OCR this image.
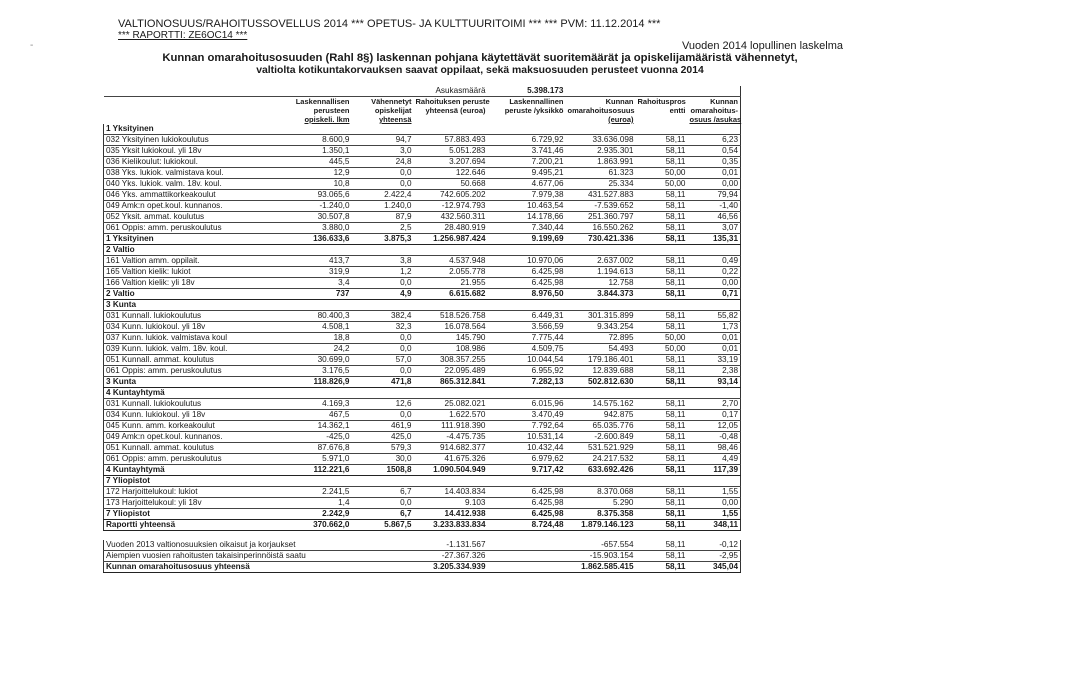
-
VALTIONOSUUS/RAHOITUSSOVELLUS 2014 *** OPETUS- JA KULTTUURITOIMI *** *** PVM: 11.12.2014 ***
*** RAPORTTI: ZE6OC14 ***
Vuoden 2014 lopullinen laskelma
Kunnan omarahoitusosuuden (Rahl 8§) laskennan pohjana käytettävät suoritemäärät ja opiskelijamääristä vähennetyt,
valtiolta kotikuntakorvauksen saavat oppilaat, sekä maksuosuuden perusteet vuonna 2014
			Asukasmäärä	5.398.173			
	Laskennallisen	Vähennetyt	Rahoituksen peruste	Laskennallinen	Kunnan	Rahoituspros	Kunnan
	perusteen	opiskelijat	yhteensä (euroa)	peruste /yksikkö	omarahoitusosuus	entti	omarahoitus-
	opiskeli. lkm	yhteensä			(euroa)		osuus /asukas
1 Yksityinen							
032 Yksityinen lukiokoulutus	8.600,9	94,7	57.883.493	6.729,92	33.636.098	58,11	6,23
035 Yksit lukiokoul. yli 18v	1.350,1	3,0	5.051.283	3.741,46	2.935.301	58,11	0,54
036 Kielikoulut: lukiokoul.	445,5	24,8	3.207.694	7.200,21	1.863.991	58,11	0,35
038 Yks. lukiok. valmistava koul.	12,9	0,0	122.646	9.495,21	61.323	50,00	0,01
040 Yks. lukiok. valm. 18v. koul.	10,8	0,0	50.668	4.677,06	25.334	50,00	0,00
046 Yks. ammattikorkeakoulut	93.065,6	2.422,4	742.605.202	7.979,38	431.527.883	58,11	79,94
049 Amk:n opet.koul. kunnanos.	-1.240,0	1.240,0	-12.974.793	10.463,54	-7.539.652	58,11	-1,40
052 Yksit. ammat. koulutus	30.507,8	87,9	432.560.311	14.178,66	251.360.797	58,11	46,56
061 Oppis: amm. peruskoulutus	3.880,0	2,5	28.480.919	7.340,44	16.550.262	58,11	3,07
1 Yksityinen	136.633,6	3.875,3	1.256.987.424	9.199,69	730.421.336	58,11	135,31
2 Valtio							
161 Valtion amm. oppilait.	413,7	3,8	4.537.948	10.970,06	2.637.002	58,11	0,49
165 Valtion kielik: lukiot	319,9	1,2	2.055.778	6.425,98	1.194.613	58,11	0,22
166 Valtion kielik: yli 18v	3,4	0,0	21.955	6.425,98	12.758	58,11	0,00
2 Valtio	737	4,9	6.615.682	8.976,50	3.844.373	58,11	0,71
3 Kunta							
031 Kunnall. lukiokoulutus	80.400,3	382,4	518.526.758	6.449,31	301.315.899	58,11	55,82
034 Kunn. lukiokoul. yli 18v	4.508,1	32,3	16.078.564	3.566,59	9.343.254	58,11	1,73
037 Kunn. lukiok. valmistava koul	18,8	0,0	145.790	7.775,44	72.895	50,00	0,01
039 Kunn. lukiok. valm. 18v. koul.	24,2	0,0	108.986	4.509,75	54.493	50,00	0,01
051 Kunnall. ammat. koulutus	30.699,0	57,0	308.357.255	10.044,54	179.186.401	58,11	33,19
061 Oppis: amm. peruskoulutus	3.176,5	0,0	22.095.489	6.955,92	12.839.688	58,11	2,38
3 Kunta	118.826,9	471,8	865.312.841	7.282,13	502.812.630	58,11	93,14
4 Kuntayhtymä							
031 Kunnall. lukiokoulutus	4.169,3	12,6	25.082.021	6.015,96	14.575.162	58,11	2,70
034 Kunn. lukiokoul. yli 18v	467,5	0,0	1.622.570	3.470,49	942.875	58,11	0,17
045 Kunn. amm. korkeakoulut	14.362,1	461,9	111.918.390	7.792,64	65.035.776	58,11	12,05
049 Amk:n opet.koul. kunnanos.	-425,0	425,0	-4.475.735	10.531,14	-2.600.849	58,11	-0,48
051 Kunnall. ammat. koulutus	87.676,8	579,3	914.682.377	10.432,44	531.521.929	58,11	98,46
061 Oppis: amm. peruskoulutus	5.971,0	30,0	41.675.326	6.979,62	24.217.532	58,11	4,49
4 Kuntayhtymä	112.221,6	1508,8	1.090.504.949	9.717,42	633.692.426	58,11	117,39
7 Yliopistot							
172 Harjoittelukoul: lukiot	2.241,5	6,7	14.403.834	6.425,98	8.370.068	58,11	1,55
173 Harjoittelukoul: yli 18v	1,4	0,0	9.103	6.425,98	5.290	58,11	0,00
7 Yliopistot	2.242,9	6,7	14.412.938	6.425,98	8.375.358	58,11	1,55
Raportti yhteensä	370.662,0	5.867,5	3.233.833.834	8.724,48	1.879.146.123	58,11	348,11

Vuoden 2013 valtionosuuksien oikaisut ja korjaukset			-1.131.567		-657.554	58,11	-0,12
Aiempien vuosien rahoitusten takaisinperinnöistä saatu			-27.367.326		-15.903.154	58,11	-2,95
Kunnan omarahoitusosuus yhteensä			3.205.334.939		1.862.585.415	58,11	345,04
